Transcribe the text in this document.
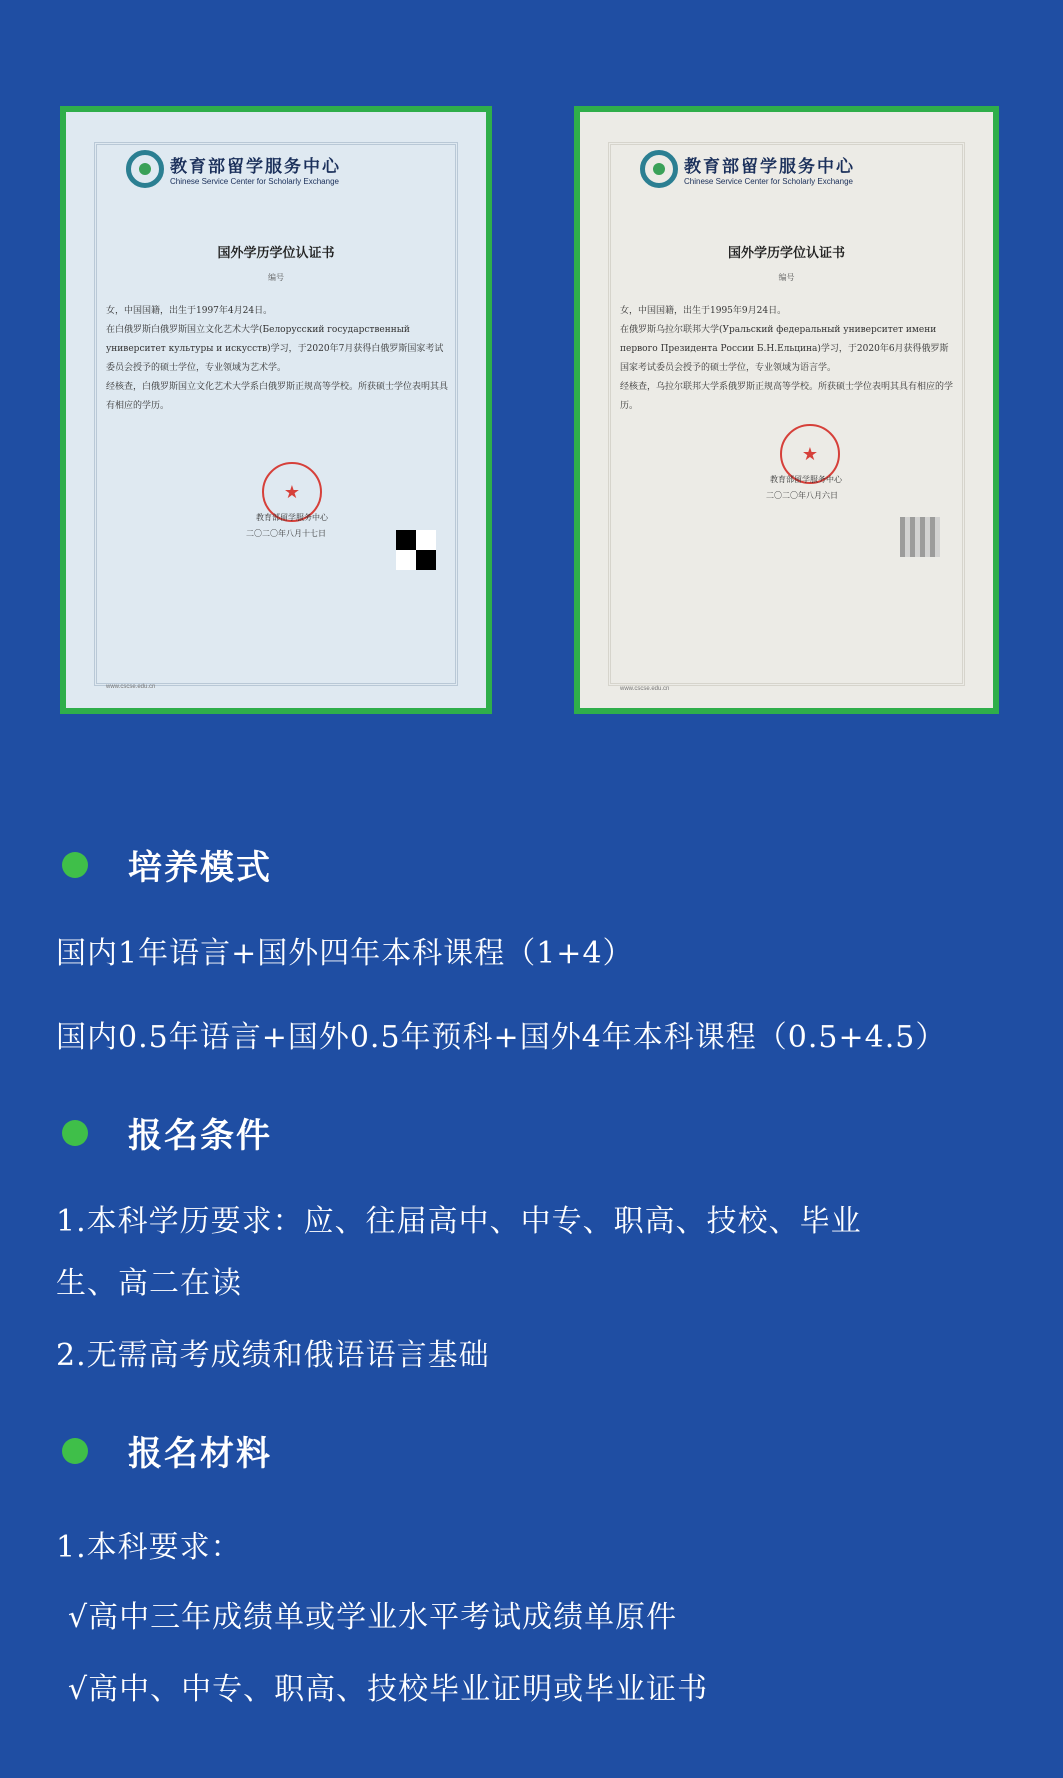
教育部留学服务中心
Chinese Service Center for Scholarly Exchange
国外学历学位认证书
编号

女，中国国籍，出生于1997年4月24日。

在白俄罗斯白俄罗斯国立文化艺术大学(Белорусский государственный университет культуры и искусств)学习，于2020年7月获得白俄罗斯国家考试委员会授予的硕士学位，专业领域为艺术学。

经核查，白俄罗斯国立文化艺术大学系白俄罗斯正规高等学校。所获硕士学位表明其具有相应的学历。

★
教育部留学服务中心
二〇二〇年八月十七日
www.cscse.edu.cn
教育部留学服务中心
Chinese Service Center for Scholarly Exchange
国外学历学位认证书
编号

女，中国国籍，出生于1995年9月24日。

在俄罗斯乌拉尔联邦大学(Уральский федеральный университет имени первого Президента России Б.Н.Ельцина)学习，于2020年6月获得俄罗斯国家考试委员会授予的硕士学位，专业领域为语言学。

经核查，乌拉尔联邦大学系俄罗斯正规高等学校。所获硕士学位表明其具有相应的学历。

★
教育部留学服务中心
二〇二〇年八月六日
www.cscse.edu.cn
培养模式
国内1年语言+国外四年本科课程（1+4）
国内0.5年语言+国外0.5年预科+国外4年本科课程（0.5+4.5）
报名条件
1.本科学历要求：应、往届高中、中专、职高、技校、毕业
生、高二在读
2.无需高考成绩和俄语语言基础
报名材料
1.本科要求：
√高中三年成绩单或学业水平考试成绩单原件
√高中、中专、职高、技校毕业证明或毕业证书
